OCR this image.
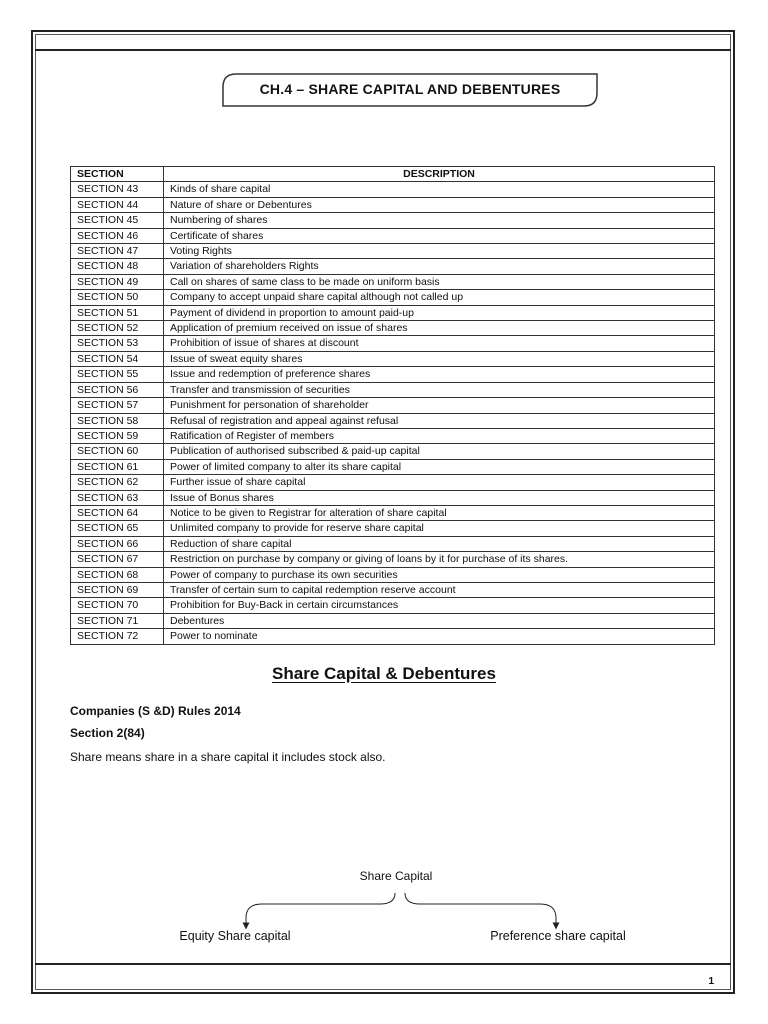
CH.4 – SHARE CAPITAL AND DEBENTURES
SECTION	DESCRIPTION
SECTION 43	Kinds of share capital
SECTION 44	Nature of share or Debentures
SECTION 45	Numbering of shares
SECTION 46	Certificate of shares
SECTION 47	Voting Rights
SECTION 48	Variation of shareholders Rights
SECTION 49	Call on shares of same class to be made on uniform basis
SECTION 50	Company to accept unpaid share capital although not called up
SECTION 51	Payment of dividend in proportion to amount paid-up
SECTION 52	Application of premium received on issue of shares
SECTION 53	Prohibition of issue of shares at discount
SECTION 54	Issue of sweat equity shares
SECTION 55	Issue and redemption of preference shares
SECTION 56	Transfer and transmission of securities
SECTION 57	Punishment for personation of shareholder
SECTION 58	Refusal of registration and appeal against refusal
SECTION 59	Ratification of Register of members
SECTION 60	Publication of authorised subscribed & paid-up capital
SECTION 61	Power of limited company to alter its share capital
SECTION 62	Further issue of share capital
SECTION 63	Issue of Bonus shares
SECTION 64	Notice to be given to Registrar for alteration of share capital
SECTION 65	Unlimited company to provide for reserve share capital
SECTION 66	Reduction of share capital
SECTION 67	Restriction on purchase by company or giving of loans by it for purchase of its shares.
SECTION 68	Power of company to purchase its own securities
SECTION 69	Transfer of certain sum to capital redemption reserve account
SECTION 70	Prohibition for Buy-Back in certain circumstances
SECTION 71	Debentures
SECTION 72	Power to nominate
Share Capital & Debentures
Companies (S &D) Rules 2014
Section 2(84)
Share means share in a share capital it includes stock also.
Share Capital
Equity Share capital	Preference share capital
1
